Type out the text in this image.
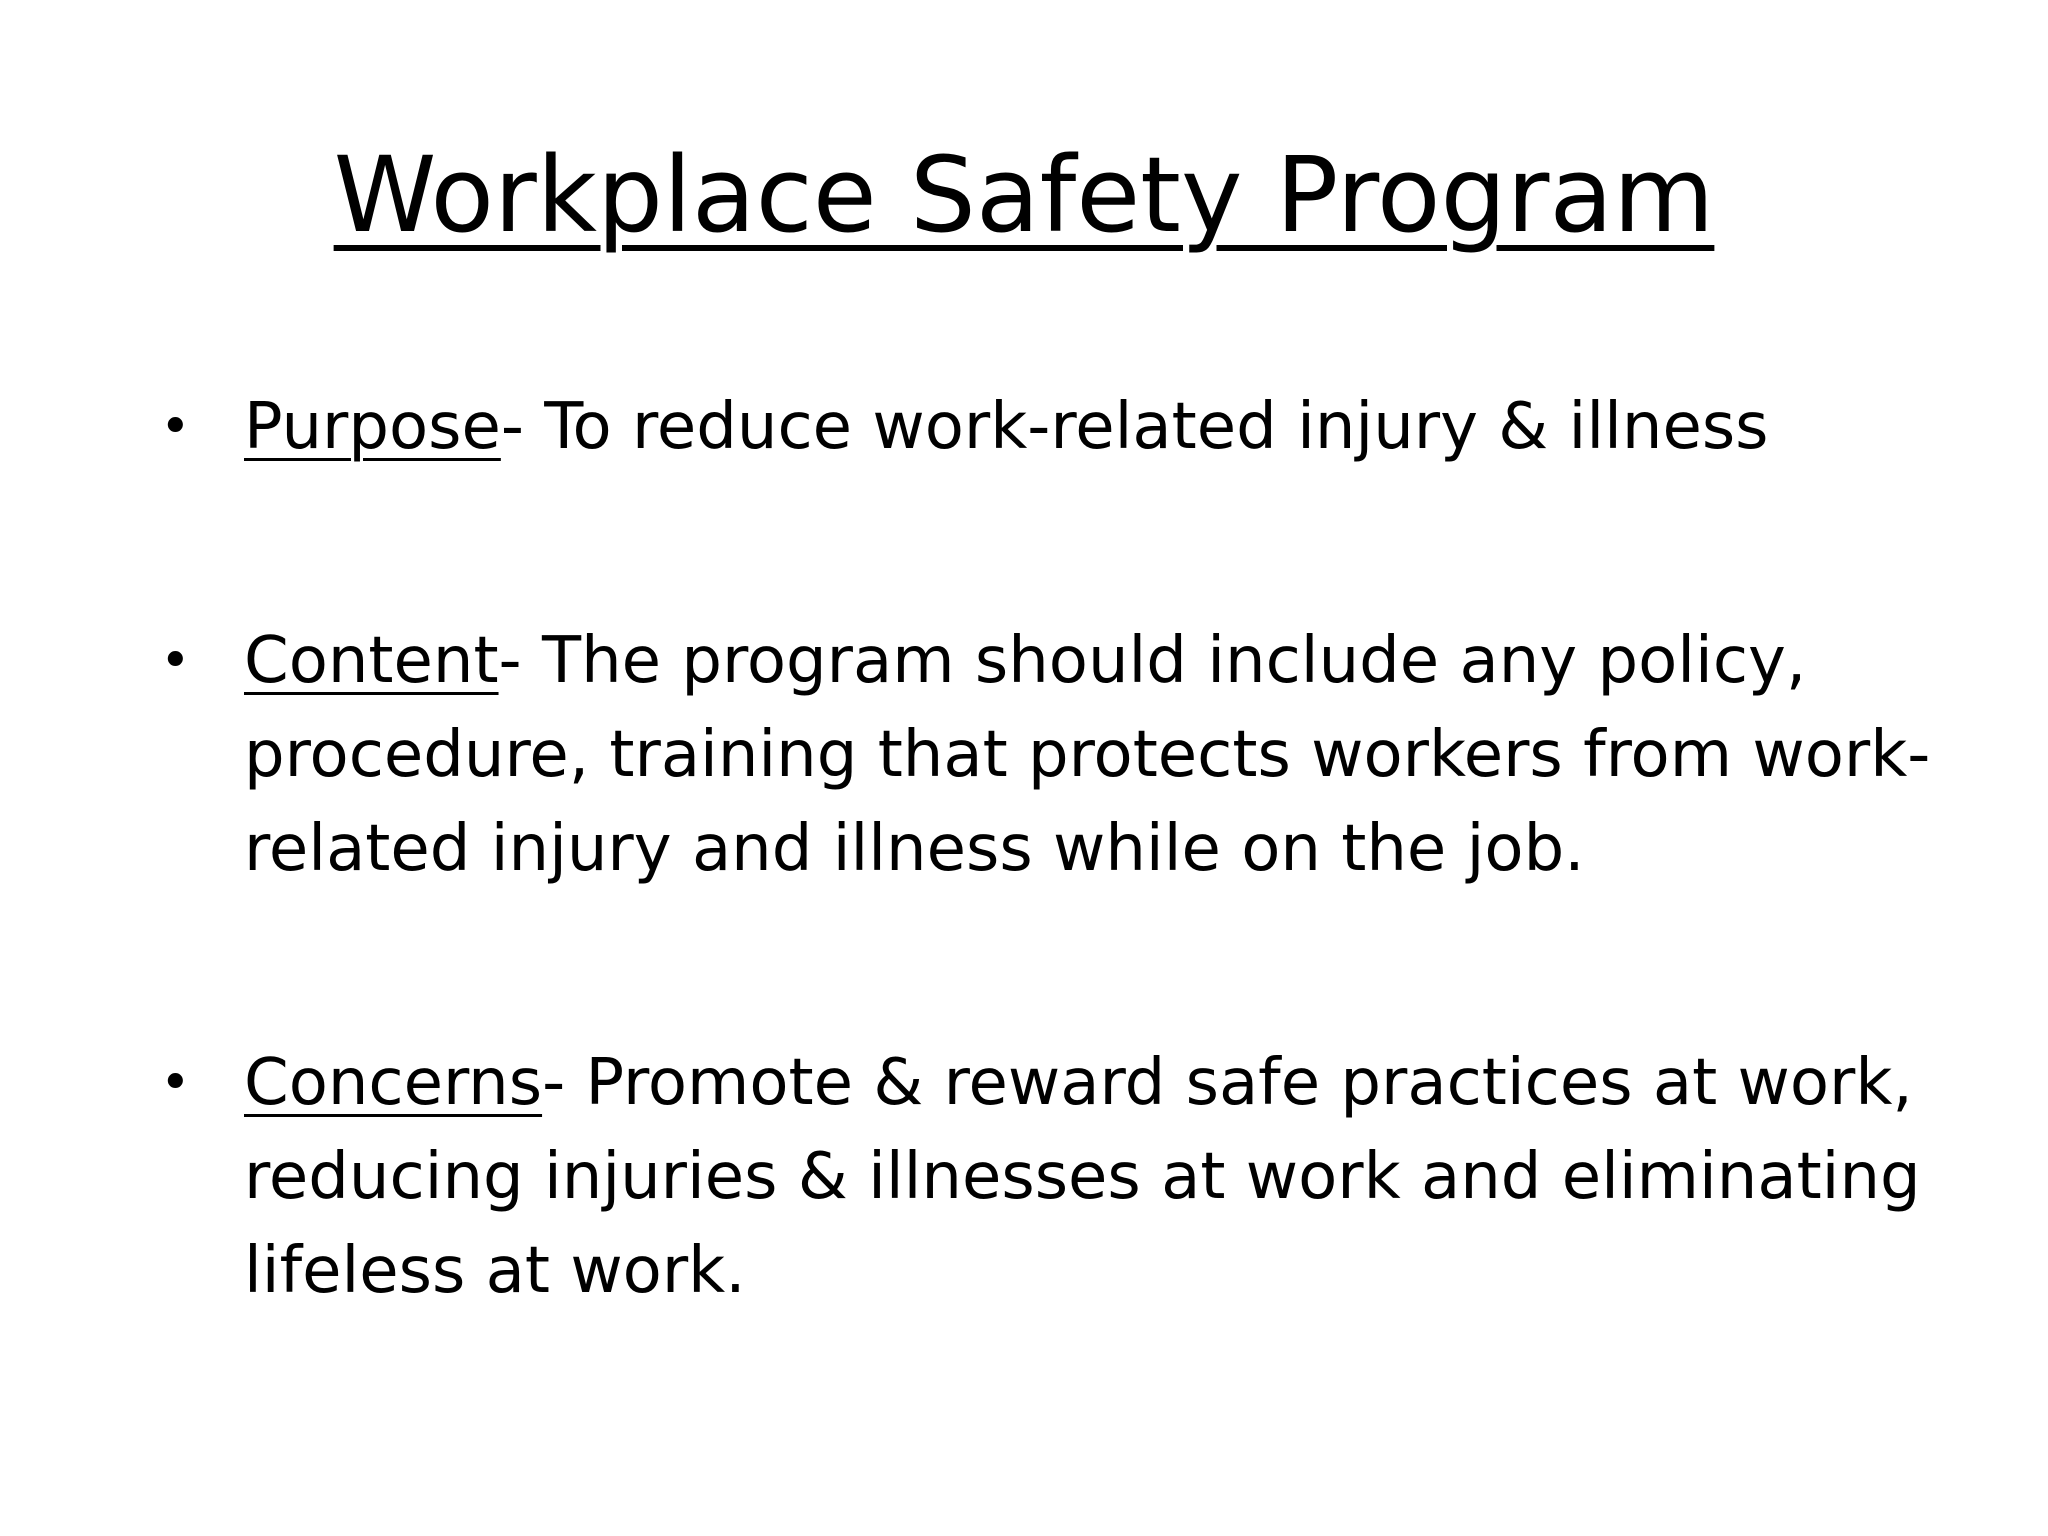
Workplace Safety Program
• Purpose- To reduce work-related injury & illness
• Content- The program should include any policy, procedure, training that protects workers from work-related injury and illness while on the job.
• Concerns- Promote & reward safe practices at work, reducing injuries & illnesses at work and eliminating lifeless at work.
